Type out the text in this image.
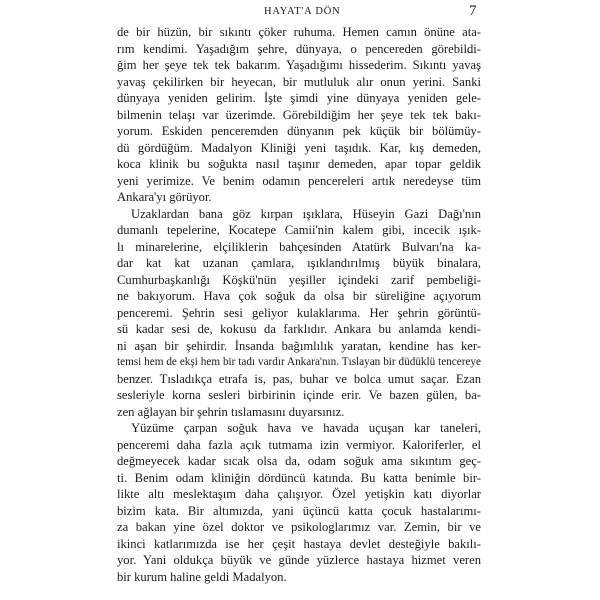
HAYAT'A DÖN	7
de bir hüzün, bir sıkıntı çöker ruhuma. Hemen camın önüne ata-
rım kendimi. Yaşadığım şehre, dünyaya, o pencereden görebildi-
ğim her şeye tek tek bakarım. Yaşadığımı hissederim. Sıkıntı yavaş
yavaş çekilirken bir heyecan, bir mutluluk alır onun yerini. Sanki
dünyaya yeniden gelirim. İşte şimdi yine dünyaya yeniden gele-
bilmenin telaşı var üzerimde. Görebildiğim her şeye tek tek bakı-
yorum. Eskiden penceremden dünyanın pek küçük bir bölümüy-
dü gördüğüm. Madalyon Kliniği yeni taşıdık. Kar, kış demeden,
koca klinik bu soğukta nasıl taşınır demeden, apar topar geldik
yeni yerimize. Ve benim odamın pencereleri artık neredeyse tüm
Ankara'yı görüyor.
Uzaklardan bana göz kırpan ışıklara, Hüseyin Gazi Dağı'nın
dumanlı tepelerine, Kocatepe Camii'nin kalem gibi, incecik ışık-
lı minarelerine, elçiliklerin bahçesinden Atatürk Bulvarı'na ka-
dar kat kat uzanan çamlara, ışıklandırılmış büyük binalara,
Cumhurbaşkanlığı Köşkü'nün yeşiller içindeki zarif pembeliği-
ne bakıyorum. Hava çok soğuk da olsa bir süreliğine açıyorum
penceremi. Şehrin sesi geliyor kulaklarıma. Her şehrin görüntü-
sü kadar sesi de, kokusu da farklıdır. Ankara bu anlamda kendi-
ni aşan bir şehirdir. İnsanda bağımlılık yaratan, kendine has ker-
temsi hem de ekşi hem bir tadı vardır Ankara'nın. Tıslayan bir düdüklü tencereye
benzer. Tısladıkça etrafa is, pas, buhar ve bolca umut saçar. Ezan
sesleriyle korna sesleri birbirinin içinde erir. Ve bazen gülen, ba-
zen ağlayan bir şehrin tıslamasını duyarsınız.
Yüzüme çarpan soğuk hava ve havada uçuşan kar taneleri,
penceremi daha fazla açık tutmama izin vermiyor. Kaloriferler, el
değmeyecek kadar sıcak olsa da, odam soğuk ama sıkıntım geç-
ti. Benim odam kliniğin dördüncü katında. Bu katta benimle bir-
likte altı meslektaşım daha çalışıyor. Özel yetişkin katı diyorlar
bizim kata. Bir altımızda, yani üçüncü katta çocuk hastalarımı-
za bakan yine özel doktor ve psikologlarımız var. Zemin, bir ve
ikinci katlarımızda ise her çeşit hastaya devlet desteğiyle bakılı-
yor. Yani oldukça büyük ve günde yüzlerce hastaya hizmet veren
bir kurum haline geldi Madalyon.
